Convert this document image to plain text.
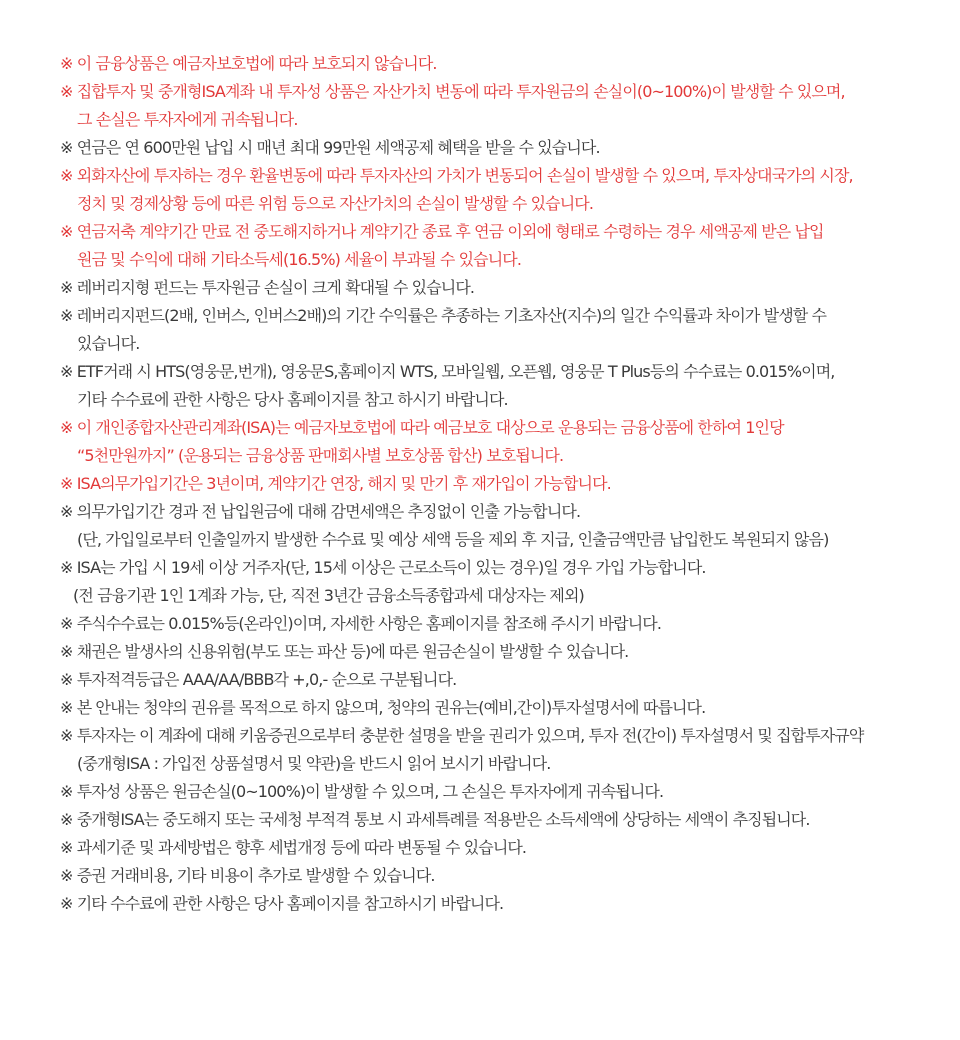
※ 이 금융상품은 예금자보호법에 따라 보호되지 않습니다.
※ 집합투자 및 중개형ISA계좌 내 투자성 상품은 자산가치 변동에 따라 투자원금의 손실이(0~100%)이 발생할 수 있으며,
그 손실은 투자자에게 귀속됩니다.
※ 연금은 연 600만원 납입 시 매년 최대 99만원 세액공제 혜택을 받을 수 있습니다.
※ 외화자산에 투자하는 경우 환율변동에 따라 투자자산의 가치가 변동되어 손실이 발생할 수 있으며, 투자상대국가의 시장,
정치 및 경제상황 등에 따른 위험 등으로 자산가치의 손실이 발생할 수 있습니다.
※ 연금저축 계약기간 만료 전 중도해지하거나 계약기간 종료 후 연금 이외에 형태로 수령하는 경우 세액공제 받은 납입
원금 및 수익에 대해 기타소득세(16.5%) 세율이 부과될 수 있습니다.
※ 레버리지형 펀드는 투자원금 손실이 크게 확대될 수 있습니다.
※ 레버리지펀드(2배, 인버스, 인버스2배)의 기간 수익률은 추종하는 기초자산(지수)의 일간 수익률과 차이가 발생할 수
있습니다.
※ ETF거래 시 HTS(영웅문,번개), 영웅문S,홈페이지 WTS, 모바일웹, 오픈웹, 영웅문 T Plus등의 수수료는 0.015%이며,
기타 수수료에 관한 사항은 당사 홈페이지를 참고 하시기 바랍니다.
※ 이 개인종합자산관리계좌(ISA)는 예금자보호법에 따라 예금보호 대상으로 운용되는 금융상품에 한하여 1인당
“5천만원까지” (운용되는 금융상품 판매회사별 보호상품 합산) 보호됩니다.
※ ISA의무가입기간은 3년이며, 계약기간 연장, 해지 및 만기 후 재가입이 가능합니다.
※ 의무가입기간 경과 전 납입원금에 대해 감면세액은 추징없이 인출 가능합니다.
(단, 가입일로부터 인출일까지 발생한 수수료 및 예상 세액 등을 제외 후 지급, 인출금액만큼 납입한도 복원되지 않음)
※ ISA는 가입 시 19세 이상 거주자(단, 15세 이상은 근로소득이 있는 경우)일 경우 가입 가능합니다.
(전 금융기관 1인 1계좌 가능, 단, 직전 3년간 금융소득종합과세 대상자는 제외)
※ 주식수수료는 0.015%등(온라인)이며, 자세한 사항은 홈페이지를 참조해 주시기 바랍니다.
※ 채권은 발생사의 신용위험(부도 또는 파산 등)에 따른 원금손실이 발생할 수 있습니다.
※ 투자적격등급은 AAA/AA/BBB각 +,0,- 순으로 구분됩니다.
※ 본 안내는 청약의 권유를 목적으로 하지 않으며, 청약의 권유는(예비,간이)투자설명서에 따릅니다.
※ 투자자는 이 계좌에 대해 키움증권으로부터 충분한 설명을 받을 권리가 있으며, 투자 전(간이) 투자설명서 및 집합투자규약
(중개형ISA : 가입전 상품설명서 및 약관)을 반드시 읽어 보시기 바랍니다.
※ 투자성 상품은 원금손실(0~100%)이 발생할 수 있으며, 그 손실은 투자자에게 귀속됩니다.
※ 중개형ISA는 중도해지 또는 국세청 부적격 통보 시 과세특례를 적용받은 소득세액에 상당하는 세액이 추징됩니다.
※ 과세기준 및 과세방법은 향후 세법개정 등에 따라 변동될 수 있습니다.
※ 증권 거래비용, 기타 비용이 추가로 발생할 수 있습니다.
※ 기타 수수료에 관한 사항은 당사 홈페이지를 참고하시기 바랍니다.
